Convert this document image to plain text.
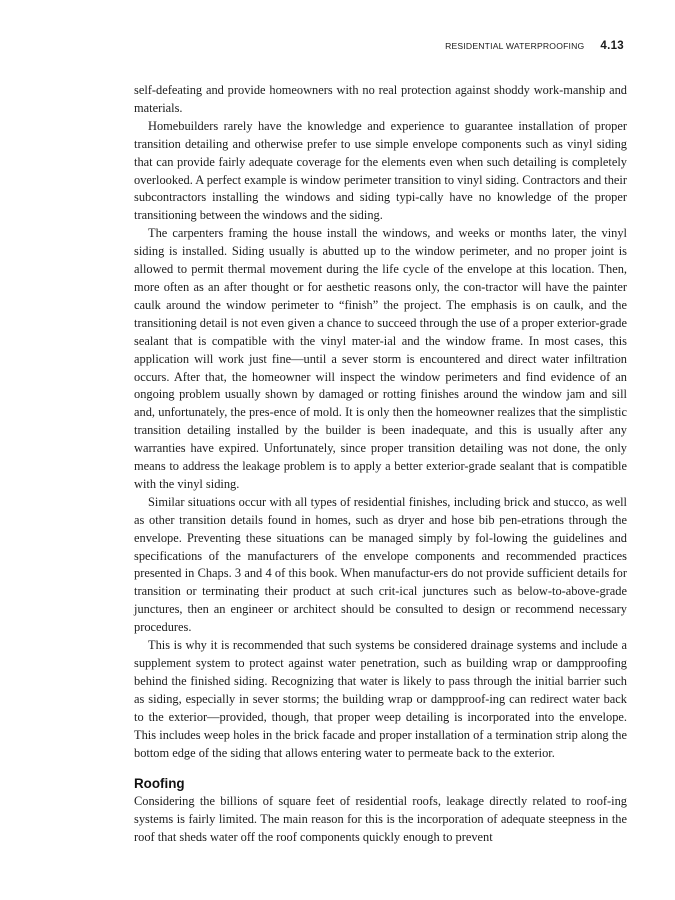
RESIDENTIAL WATERPROOFING 4.13

self-defeating and provide homeowners with no real protection against shoddy work-manship and materials.

Homebuilders rarely have the knowledge and experience to guarantee installation of proper transition detailing and otherwise prefer to use simple envelope components such as vinyl siding that can provide fairly adequate coverage for the elements even when such detailing is completely overlooked. A perfect example is window perimeter transition to vinyl siding. Contractors and their subcontractors installing the windows and siding typi-cally have no knowledge of the proper transitioning between the windows and the siding.

The carpenters framing the house install the windows, and weeks or months later, the vinyl siding is installed. Siding usually is abutted up to the window perimeter, and no proper joint is allowed to permit thermal movement during the life cycle of the envelope at this location. Then, more often as an after thought or for aesthetic reasons only, the con-tractor will have the painter caulk around the window perimeter to “finish” the project. The emphasis is on caulk, and the transitioning detail is not even given a chance to succeed through the use of a proper exterior-grade sealant that is compatible with the vinyl mater-ial and the window frame. In most cases, this application will work just fine—until a sever storm is encountered and direct water infiltration occurs. After that, the homeowner will inspect the window perimeters and find evidence of an ongoing problem usually shown by damaged or rotting finishes around the window jam and sill and, unfortunately, the pres-ence of mold. It is only then the homeowner realizes that the simplistic transition detailing installed by the builder is been inadequate, and this is usually after any warranties have expired. Unfortunately, since proper transition detailing was not done, the only means to address the leakage problem is to apply a better exterior-grade sealant that is compatible with the vinyl siding.

Similar situations occur with all types of residential finishes, including brick and stucco, as well as other transition details found in homes, such as dryer and hose bib pen-etrations through the envelope. Preventing these situations can be managed simply by fol-lowing the guidelines and specifications of the manufacturers of the envelope components and recommended practices presented in Chaps. 3 and 4 of this book. When manufactur-ers do not provide sufficient details for transition or terminating their product at such crit-ical junctures such as below-to-above-grade junctures, then an engineer or architect should be consulted to design or recommend necessary procedures.

This is why it is recommended that such systems be considered drainage systems and include a supplement system to protect against water penetration, such as building wrap or dampproofing behind the finished siding. Recognizing that water is likely to pass through the initial barrier such as siding, especially in sever storms; the building wrap or dampproof-ing can redirect water back to the exterior—provided, though, that proper weep detailing is incorporated into the envelope. This includes weep holes in the brick facade and proper installation of a termination strip along the bottom edge of the siding that allows entering water to permeate back to the exterior.

Roofing

Considering the billions of square feet of residential roofs, leakage directly related to roof-ing systems is fairly limited. The main reason for this is the incorporation of adequate steepness in the roof that sheds water off the roof components quickly enough to prevent
